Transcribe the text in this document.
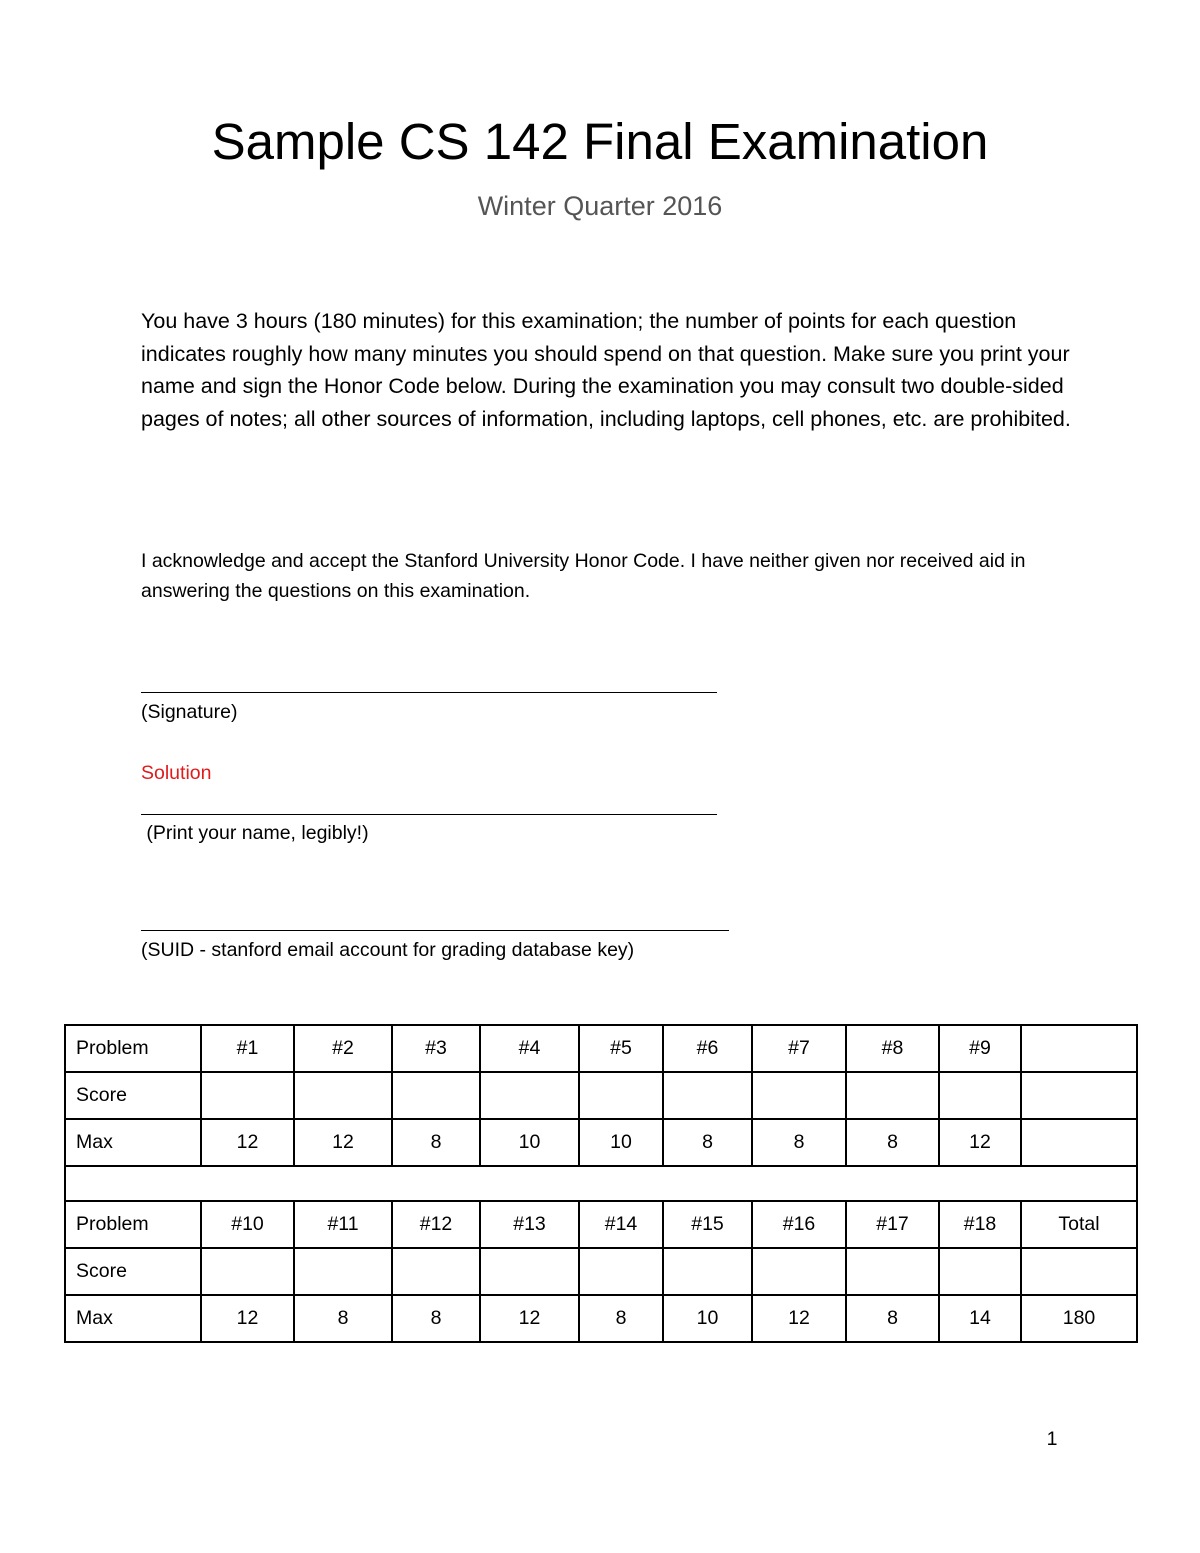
Sample CS 142 Final Examination
Winter Quarter 2016
You have 3 hours (180 minutes) for this examination; the number of points for each question indicates roughly how many minutes you should spend on that question. Make sure you print your name and sign the Honor Code below. During the examination you may consult two double-sided pages of notes; all other sources of information, including laptops, cell phones, etc. are prohibited.
I acknowledge and accept the Stanford University Honor Code. I have neither given nor received aid in answering the questions on this examination.
(Signature)
Solution
(Print your name, legibly!)
(SUID - stanford email account for grading database key)
Problem	#1	#2	#3	#4	#5	#6	#7	#8	#9	
Score										
Max	12	12	8	10	10	8	8	8	12	

Problem	#10	#11	#12	#13	#14	#15	#16	#17	#18	Total
Score										
Max	12	8	8	12	8	10	12	8	14	180
1
